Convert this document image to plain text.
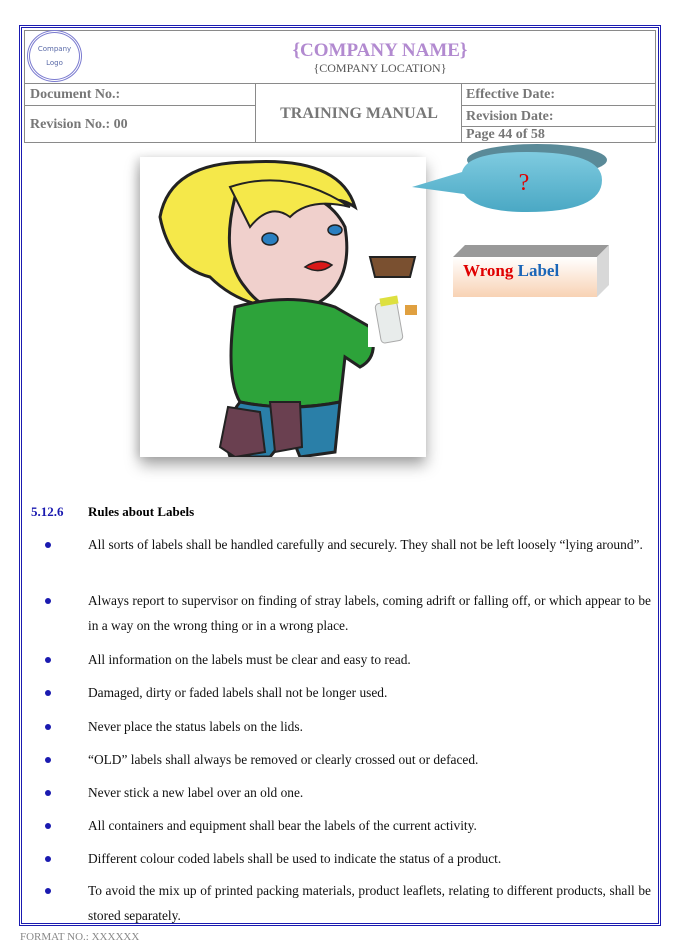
Company
Logo
{COMPANY NAME}
{COMPANY LOCATION}
Document No.:
Revision No.: 00
TRAINING MANUAL
Effective Date:
Revision Date:
Page 44 of 58
?
Wrong Label
5.12.6 Rules about Labels
All sorts of labels shall be handled carefully and securely. They shall not be left loosely “lying around”.
Always report to supervisor on finding of stray labels, coming adrift or falling off, or which appear to be in a way on the wrong thing or in a wrong place.
All information on the labels must be clear and easy to read.
Damaged, dirty or faded labels shall not be longer used.
Never place the status labels on the lids.
“OLD” labels shall always be removed or clearly crossed out or defaced.
Never stick a new label over an old one.
All containers and equipment shall bear the labels of the current activity.
Different colour coded labels shall be used to indicate the status of a product.
To avoid the mix up of printed packing materials, product leaflets, relating to different products, shall be stored separately.
FORMAT NO.: XXXXXX
